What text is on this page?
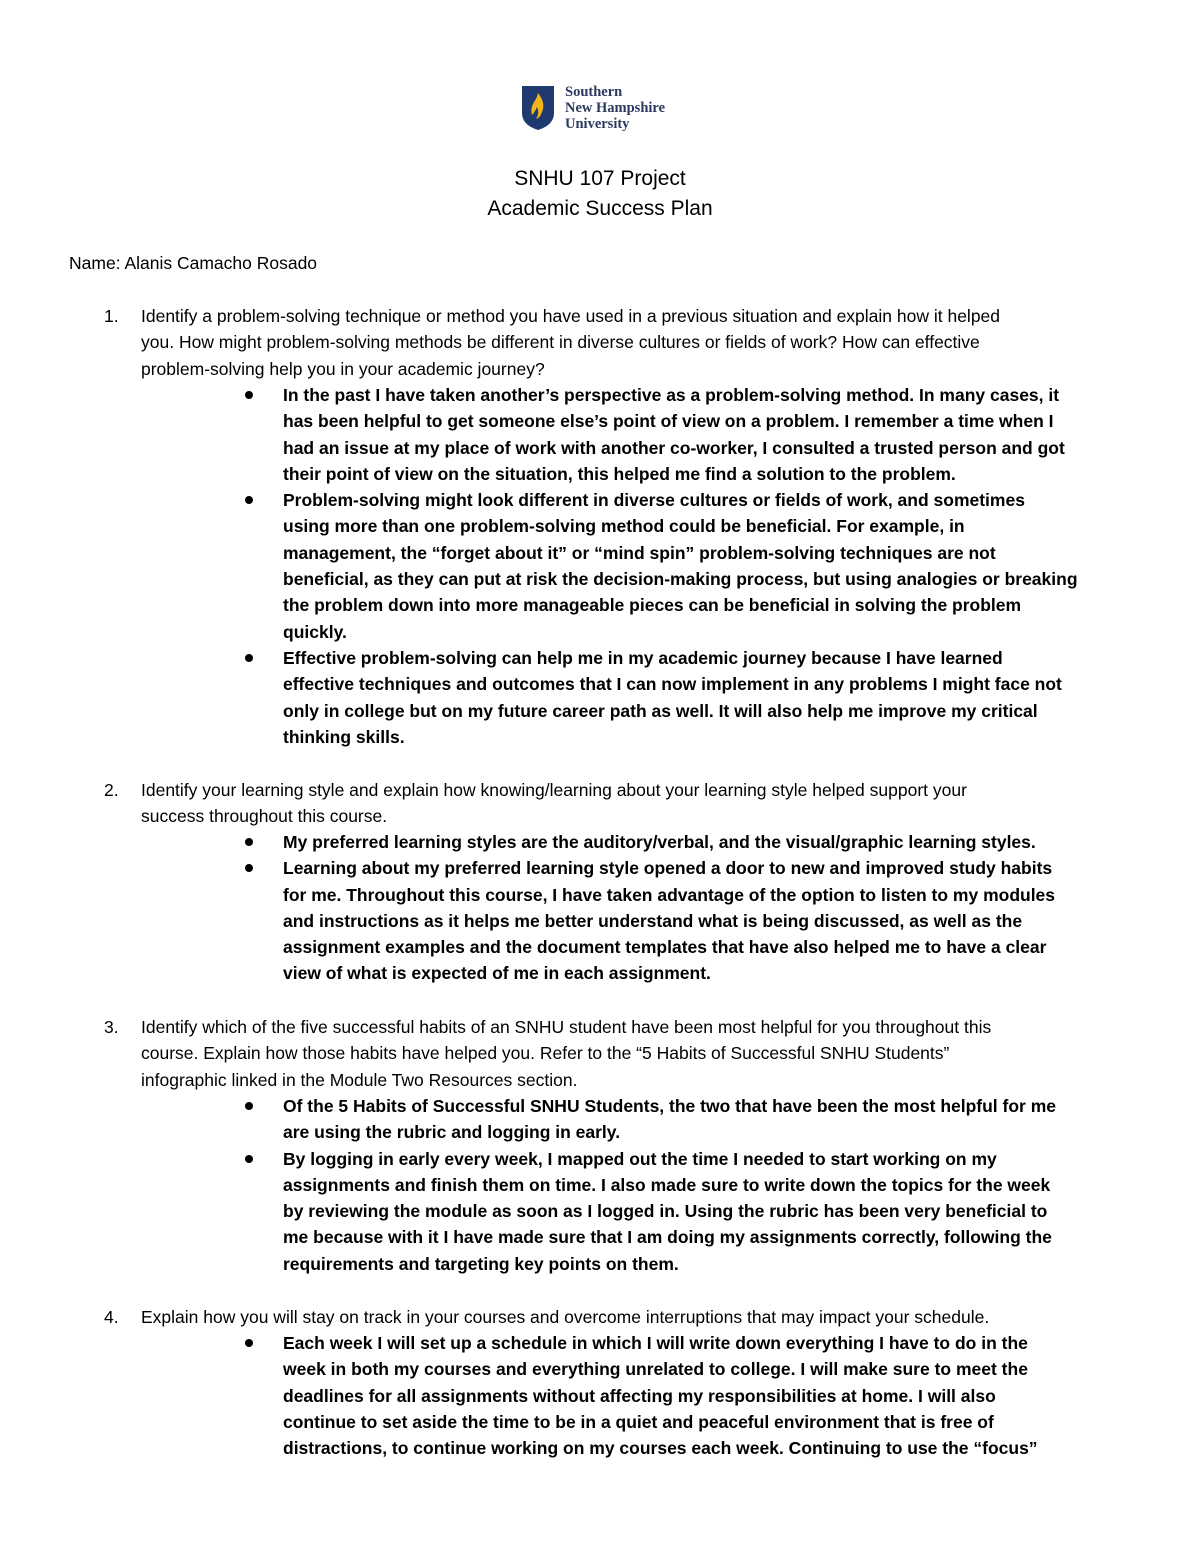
Southern
New Hampshire
University
SNHU 107 Project
Academic Success Plan
Name: Alanis Camacho Rosado
1. Identify a problem-solving technique or method you have used in a previous situation and explain how it helped
you. How might problem-solving methods be different in diverse cultures or fields of work? How can effective
problem-solving help you in your academic journey?
In the past I have taken another’s perspective as a problem-solving method. In many cases, it
has been helpful to get someone else’s point of view on a problem. I remember a time when I
had an issue at my place of work with another co-worker, I consulted a trusted person and got
their point of view on the situation, this helped me find a solution to the problem.
Problem-solving might look different in diverse cultures or fields of work, and sometimes
using more than one problem-solving method could be beneficial. For example, in
management, the “forget about it” or “mind spin” problem-solving techniques are not
beneficial, as they can put at risk the decision-making process, but using analogies or breaking
the problem down into more manageable pieces can be beneficial in solving the problem
quickly.
Effective problem-solving can help me in my academic journey because I have learned
effective techniques and outcomes that I can now implement in any problems I might face not
only in college but on my future career path as well. It will also help me improve my critical
thinking skills.
2. Identify your learning style and explain how knowing/learning about your learning style helped support your
success throughout this course.
My preferred learning styles are the auditory/verbal, and the visual/graphic learning styles.
Learning about my preferred learning style opened a door to new and improved study habits
for me. Throughout this course, I have taken advantage of the option to listen to my modules
and instructions as it helps me better understand what is being discussed, as well as the
assignment examples and the document templates that have also helped me to have a clear
view of what is expected of me in each assignment.
3. Identify which of the five successful habits of an SNHU student have been most helpful for you throughout this
course. Explain how those habits have helped you. Refer to the “5 Habits of Successful SNHU Students”
infographic linked in the Module Two Resources section.
Of the 5 Habits of Successful SNHU Students, the two that have been the most helpful for me
are using the rubric and logging in early.
By logging in early every week, I mapped out the time I needed to start working on my
assignments and finish them on time. I also made sure to write down the topics for the week
by reviewing the module as soon as I logged in. Using the rubric has been very beneficial to
me because with it I have made sure that I am doing my assignments correctly, following the
requirements and targeting key points on them.
4. Explain how you will stay on track in your courses and overcome interruptions that may impact your schedule.
Each week I will set up a schedule in which I will write down everything I have to do in the
week in both my courses and everything unrelated to college. I will make sure to meet the
deadlines for all assignments without affecting my responsibilities at home. I will also
continue to set aside the time to be in a quiet and peaceful environment that is free of
distractions, to continue working on my courses each week. Continuing to use the “focus”
